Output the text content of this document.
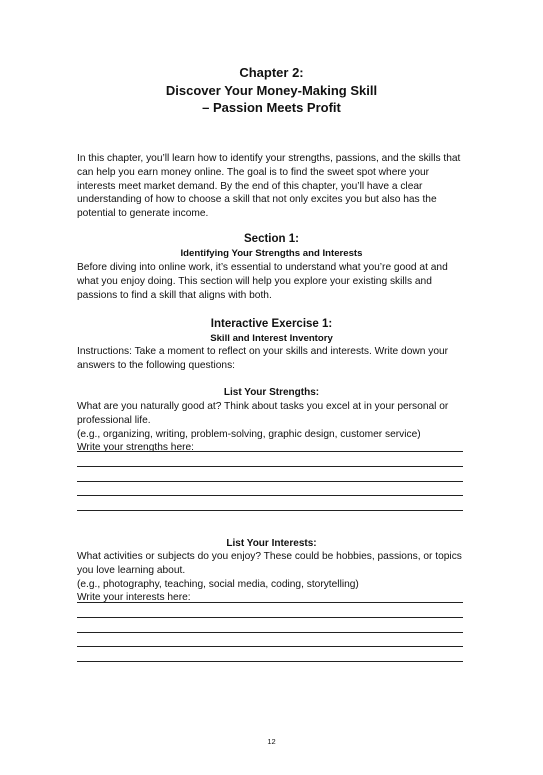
Chapter 2:
Discover Your Money-Making Skill
– Passion Meets Profit
In this chapter, you’ll learn how to identify your strengths, passions, and the skills that can help you earn money online. The goal is to find the sweet spot where your interests meet market demand. By the end of this chapter, you’ll have a clear understanding of how to choose a skill that not only excites you but also has the potential to generate income.
Section 1:
Identifying Your Strengths and Interests
Before diving into online work, it’s essential to understand what you’re good at and what you enjoy doing. This section will help you explore your existing skills and passions to find a skill that aligns with both.
Interactive Exercise 1:
Skill and Interest Inventory
Instructions: Take a moment to reflect on your skills and interests. Write down your answers to the following questions:
List Your Strengths:
What are you naturally good at? Think about tasks you excel at in your personal or professional life.
(e.g., organizing, writing, problem-solving, graphic design, customer service)
Write your strengths here:
List Your Interests:
What activities or subjects do you enjoy? These could be hobbies, passions, or topics you love learning about.
(e.g., photography, teaching, social media, coding, storytelling)
Write your interests here:
12
